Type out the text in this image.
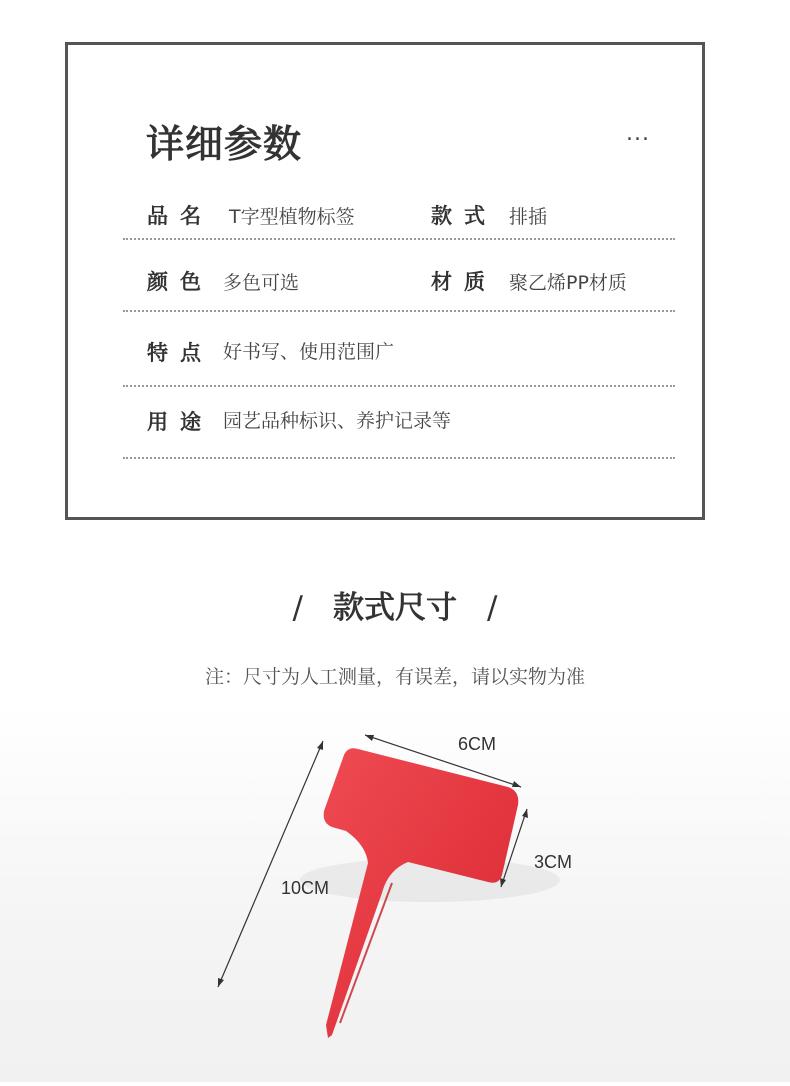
详细参数	...
品名 T字型植物标签	款式 排插
颜色 多色可选	材质 聚乙烯PP材质
特点 好书写、使用范围广
用途 园艺品种标识、养护记录等
/ 款式尺寸 /
注：尺寸为人工测量，有误差，请以实物为准
6CM
3CM
10CM
